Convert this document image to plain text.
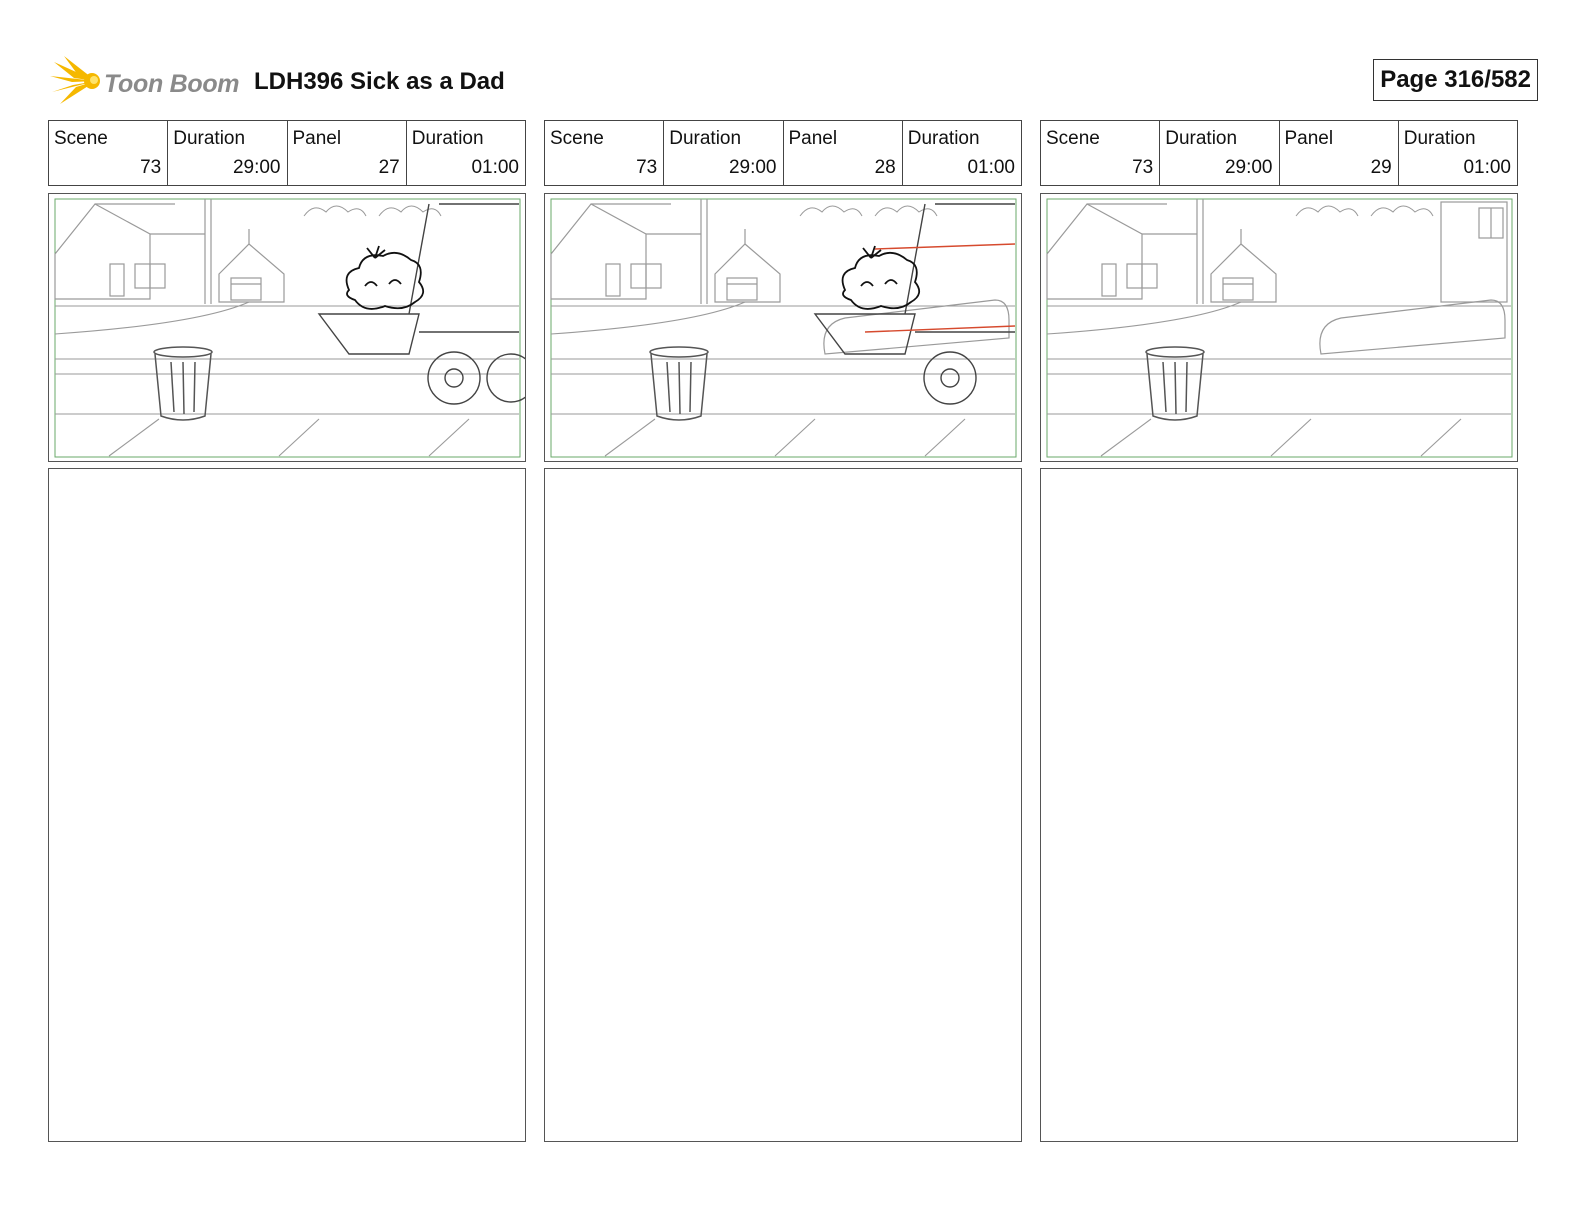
Toon Boom LDH396 Sick as a Dad	Page 316/582
Scene
73
Duration
29:00
Panel
27
Duration
01:00
Scene
73
Duration
29:00
Panel
28
Duration
01:00
Scene
73
Duration
29:00
Panel
29
Duration
01:00
